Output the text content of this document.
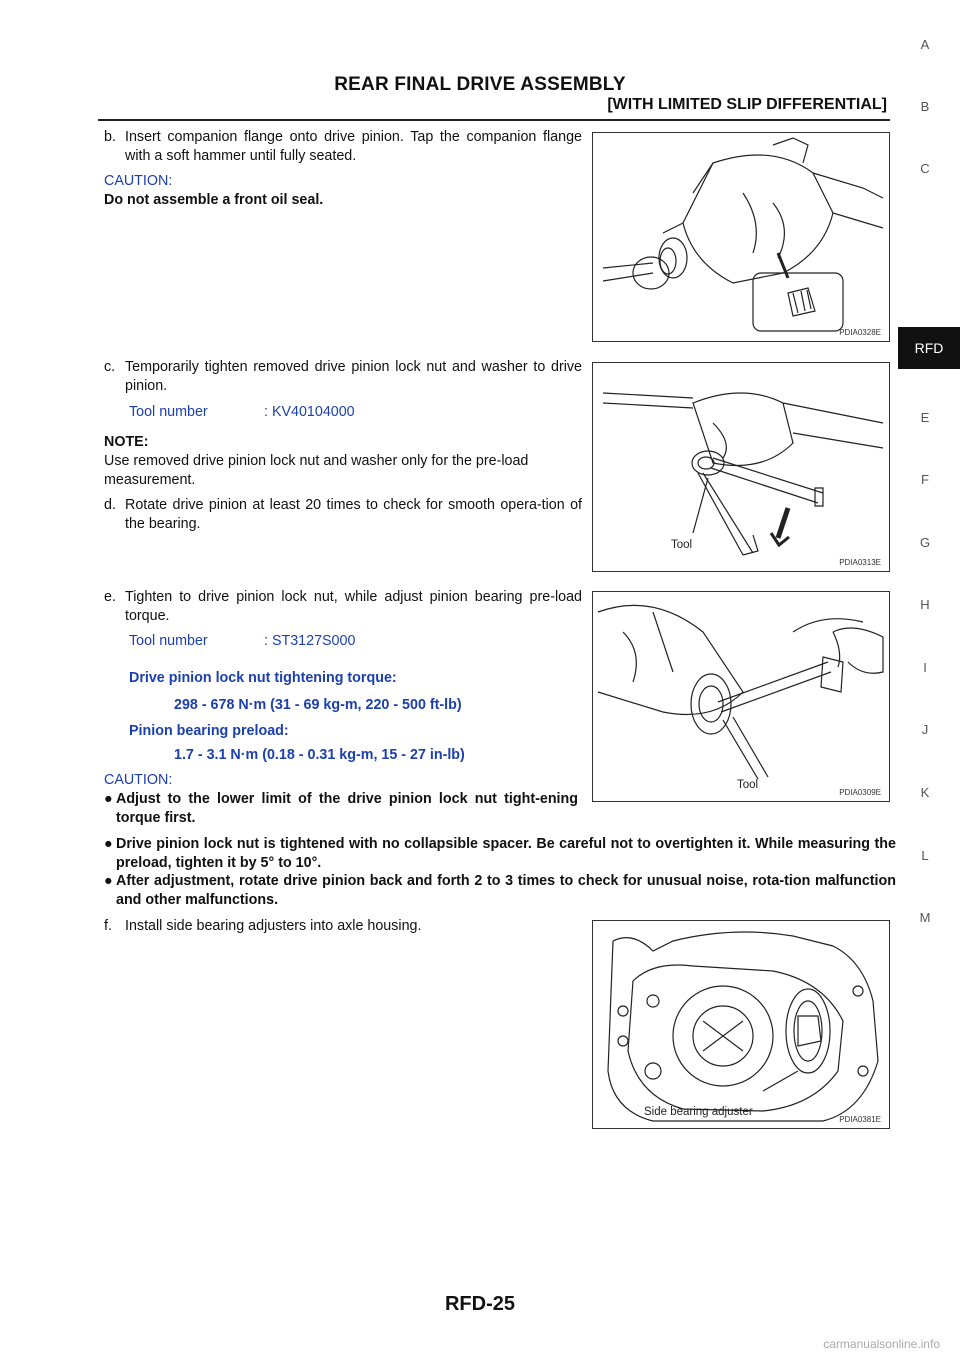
REAR FINAL DRIVE ASSEMBLY
[WITH LIMITED SLIP DIFFERENTIAL]
A
B
C
RFD
E
F
G
H
I
J
K
L
M
b. Insert companion flange onto drive pinion. Tap the companion flange with a soft hammer until fully seated.
CAUTION:
Do not assemble a front oil seal.
PDIA0328E
c. Temporarily tighten removed drive pinion lock nut and washer to drive pinion.
Tool number	: KV40104000
NOTE:
Use removed drive pinion lock nut and washer only for the pre-load measurement.
d. Rotate drive pinion at least 20 times to check for smooth opera-tion of the bearing.
Tool
PDIA0313E
e. Tighten to drive pinion lock nut, while adjust pinion bearing pre-load torque.
Tool number	: ST3127S000
Drive pinion lock nut tightening torque:
298 - 678 N·m (31 - 69 kg-m, 220 - 500 ft-lb)
Pinion bearing preload:
1.7 - 3.1 N·m (0.18 - 0.31 kg-m, 15 - 27 in-lb)
CAUTION:
● Adjust to the lower limit of the drive pinion lock nut tight-ening torque first.
● Drive pinion lock nut is tightened with no collapsible spacer. Be careful not to overtighten it. While measuring the preload, tighten it by 5° to 10°.
● After adjustment, rotate drive pinion back and forth 2 to 3 times to check for unusual noise, rota-tion malfunction and other malfunctions.
Tool
PDIA0309E
f. Install side bearing adjusters into axle housing.
Side bearing adjuster
PDIA0381E
RFD-25
carmanualsonline.info
